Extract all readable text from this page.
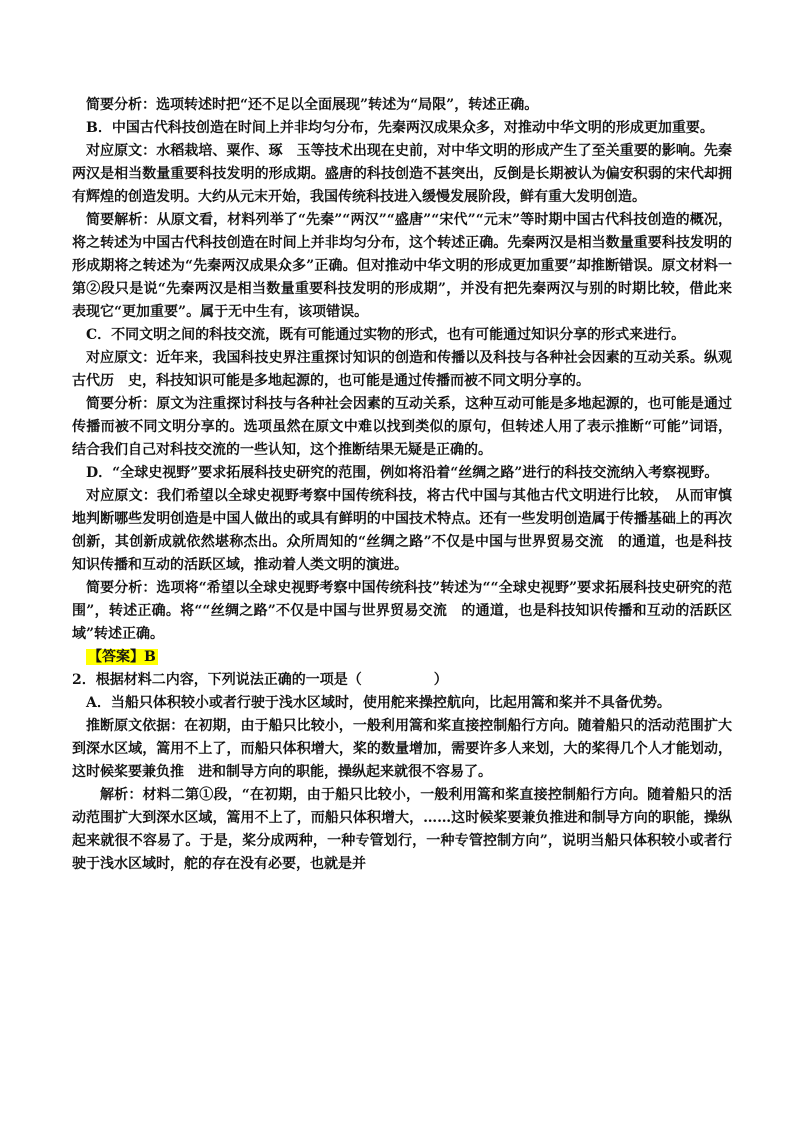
简要分析：选项转述时把“还不足以全面展现”转述为“局限”，转述正确。

B．中国古代科技创造在时间上并非均匀分布，先秦两汉成果众多，对推动中华文明的形成更加重要。

对应原文：水稻栽培、粟作、琢　玉等技术出现在史前，对中华文明的形成产生了至关重要的影响。先秦两汉是相当数量重要科技发明的形成期。盛唐的科技创造不甚突出，反倒是长期被认为偏安积弱的宋代却拥有辉煌的创造发明。大约从元末开始，我国传统科技进入缓慢发展阶段，鲜有重大发明创造。

简要解析：从原文看，材料列举了“先秦”“两汉”“盛唐”“宋代”“元末”等时期中国古代科技创造的概况，将之转述为中国古代科技创造在时间上并非均匀分布，这个转述正确。先秦两汉是相当数量重要科技发明的形成期将之转述为“先秦两汉成果众多”正确。但对推动中华文明的形成更加重要”却推断错误。原文材料一第②段只是说“先秦两汉是相当数量重要科技发明的形成期”，并没有把先秦两汉与别的时期比较，借此来表现它“更加重要”。属于无中生有，该项错误。

C．不同文明之间的科技交流，既有可能通过实物的形式，也有可能通过知识分享的形式来进行。

对应原文：近年来，我国科技史界注重探讨知识的创造和传播以及科技与各种社会因素的互动关系。纵观古代历　史，科技知识可能是多地起源的，也可能是通过传播而被不同文明分享的。

简要分析：原文为注重探讨科技与各种社会因素的互动关系，这种互动可能是多地起源的，也可能是通过传播而被不同文明分享的。选项虽然在原文中难以找到类似的原句，但转述人用了表示推断“可能”词语，结合我们自己对科技交流的一些认知，这个推断结果无疑是正确的。

D．“全球史视野”要求拓展科技史研究的范围，例如将沿着“丝绸之路”进行的科技交流纳入考察视野。

对应原文：我们希望以全球史视野考察中国传统科技，将古代中国与其他古代文明进行比较，　从而审慎地判断哪些发明创造是中国人做出的或具有鲜明的中国技术特点。还有一些发明创造属于传播基础上的再次创新，其创新成就依然堪称杰出。众所周知的“丝绸之路”不仅是中国与世界贸易交流　的通道，也是科技知识传播和互动的活跃区域，推动着人类文明的演进。

简要分析：选项将“希望以全球史视野考察中国传统科技”转述为““全球史视野”要求拓展科技史研究的范围”，转述正确。将““丝绸之路”不仅是中国与世界贸易交流　的通道，也是科技知识传播和互动的活跃区域”转述正确。

【答案】B

2．根据材料二内容，下列说法正确的一项是（	）

A．当船只体积较小或者行驶于浅水区域时，使用舵来操控航向，比起用篙和桨并不具备优势。

推断原文依据：在初期，由于船只比较小，一般利用篙和桨直接控制船行方向。随着船只的活动范围扩大到深水区域，篙用不上了，而船只体积增大，桨的数量增加，需要许多人来划，大的桨得几个人才能划动，这时候桨要兼负推　进和制导方向的职能，操纵起来就很不容易了。

解析：材料二第①段，“在初期，由于船只比较小，一般利用篙和桨直接控制船行方向。随着船只的活动范围扩大到深水区域，篙用不上了，而船只体积增大，……这时候桨要兼负推进和制导方向的职能，操纵起来就很不容易了。于是，桨分成两种，一种专管划行，一种专管控制方向”，说明当船只体积较小或者行驶于浅水区域时，舵的存在没有必要，也就是并
